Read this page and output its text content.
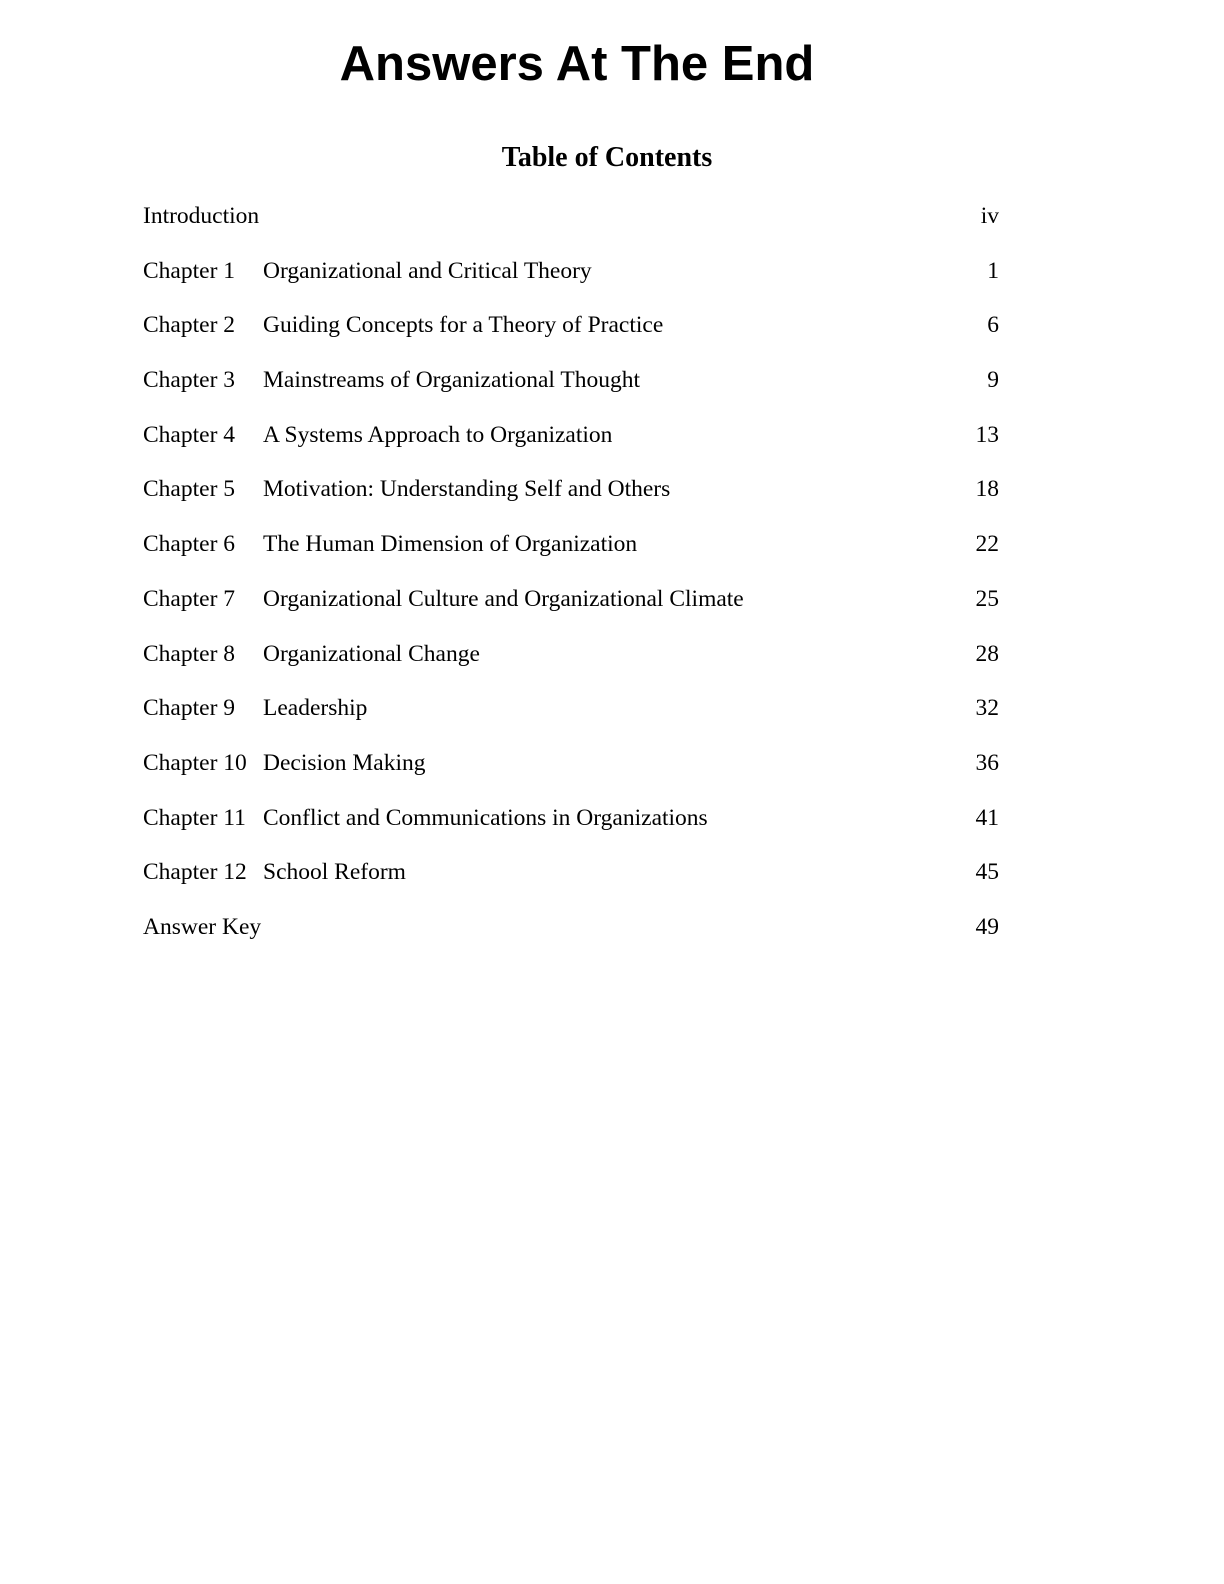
Answers At The End
Table of Contents
Introduction	iv
Chapter 1 Organizational and Critical Theory	1
Chapter 2 Guiding Concepts for a Theory of Practice	6
Chapter 3 Mainstreams of Organizational Thought	9
Chapter 4 A Systems Approach to Organization	13
Chapter 5 Motivation: Understanding Self and Others	18
Chapter 6 The Human Dimension of Organization	22
Chapter 7 Organizational Culture and Organizational Climate	25
Chapter 8 Organizational Change	28
Chapter 9 Leadership	32
Chapter 10 Decision Making	36
Chapter 11 Conflict and Communications in Organizations	41
Chapter 12 School Reform	45
Answer Key	49
